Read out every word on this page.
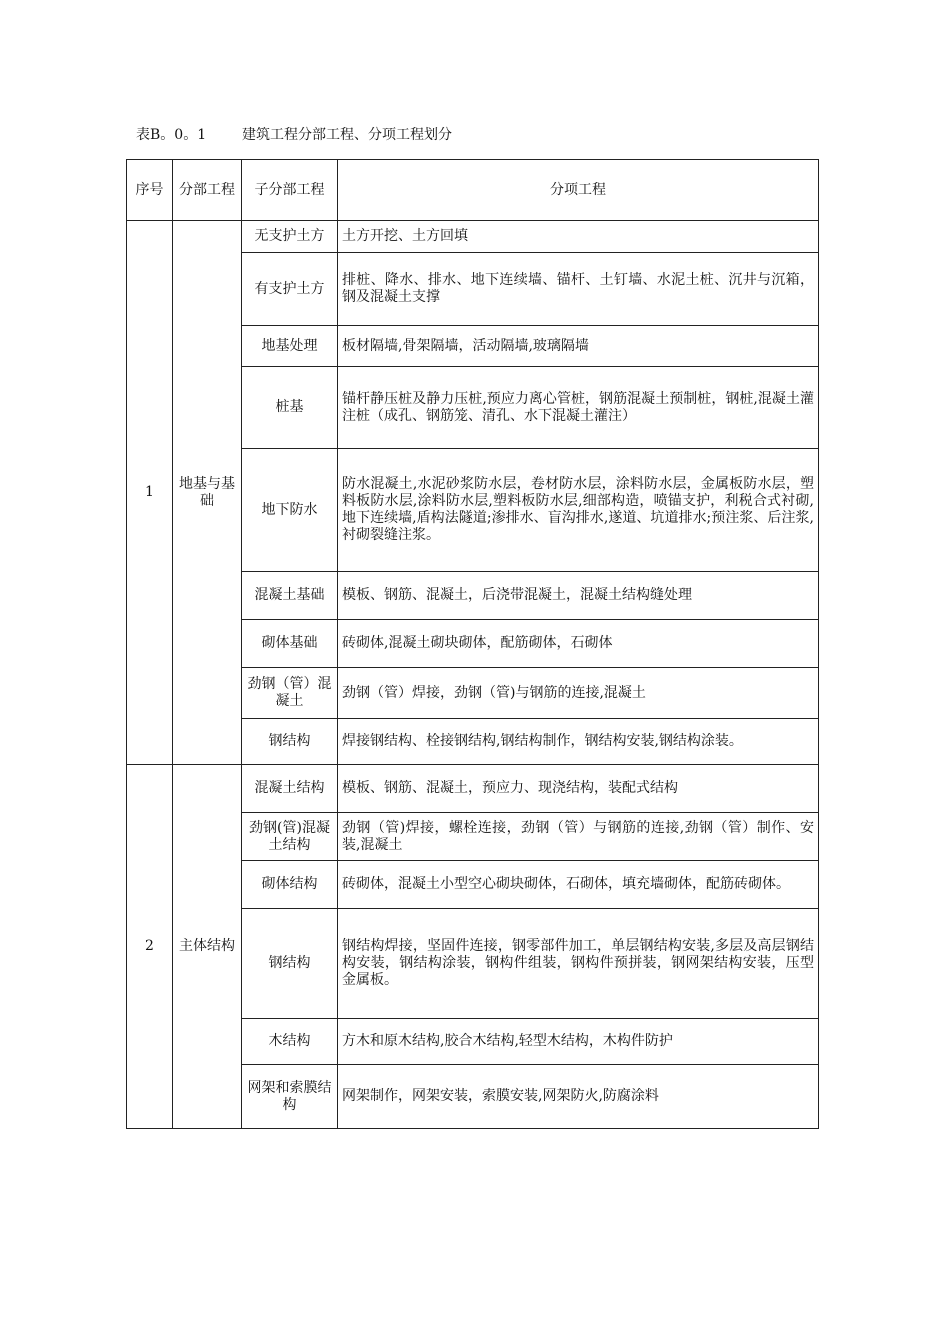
表B。0。1	建筑工程分部工程、分项工程划分
序号	分部工程	子分部工程	分项工程
1	地基与基础	无支护土方	土方开挖、土方回填
		有支护土方	排桩、降水、排水、地下连续墙、锚杆、土钉墙、水泥土桩、沉井与沉箱，钢及混凝土支撑
		地基处理	板材隔墙,骨架隔墙，活动隔墙,玻璃隔墙
		桩基	锚杆静压桩及静力压桩,预应力离心管桩，钢筋混凝土预制桩，钢桩,混凝土灌注桩（成孔、钢筋笼、清孔、水下混凝土灌注）
		地下防水	防水混凝土,水泥砂浆防水层，卷材防水层，涂料防水层，金属板防水层，塑料板防水层,涂料防水层,塑料板防水层,细部构造，喷锚支护，利税合式衬砌,地下连续墙,盾构法隧道;渗排水、盲沟排水,遂道、坑道排水;预注浆、后注浆,衬砌裂缝注浆。
		混凝土基础	模板、钢筋、混凝土，后浇带混凝土，混凝土结构缝处理
		砌体基础	砖砌体,混凝土砌块砌体，配筋砌体，石砌体
		劲钢（管）混凝土	劲钢（管）焊接，劲钢（管)与钢筋的连接,混凝土
		钢结构	焊接钢结构、栓接钢结构,钢结构制作，钢结构安装,钢结构涂装。
2	主体结构	混凝土结构	模板、钢筋、混凝土，预应力、现浇结构，装配式结构
		劲钢(管)混凝土结构	劲钢（管)焊接，螺栓连接，劲钢（管）与钢筋的连接,劲钢（管）制作、安装,混凝土
		砌体结构	砖砌体，混凝土小型空心砌块砌体，石砌体，填充墙砌体，配筋砖砌体。
		钢结构	钢结构焊接，坚固件连接，钢零部件加工，单层钢结构安装,多层及高层钢结构安装，钢结构涂装，钢构件组装，钢构件预拼装，钢网架结构安装，压型金属板。
		木结构	方木和原木结构,胶合木结构,轻型木结构，木构件防护
		网架和索膜结构	网架制作，网架安装，索膜安装,网架防火,防腐涂料
